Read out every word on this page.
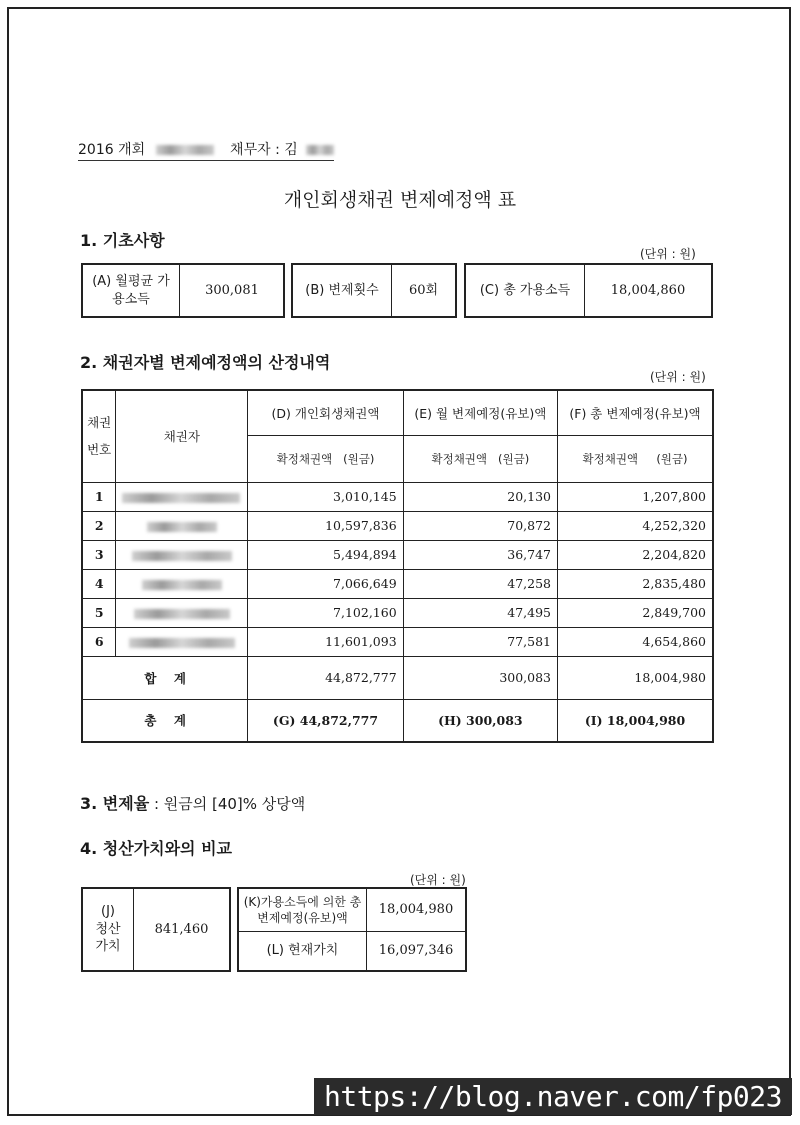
2016 개회	채무자 : 김
개인회생채권 변제예정액 표
1. 기초사항
(단위 : 원)
(A) 월평균 가용소득
300,081	(B) 변제횟수	60회	(C) 총 가용소득	18,004,860
2. 채권자별 변제예정액의 산정내역
(단위 : 원)
채권
번호	채권자	(D) 개인회생채권액	(E) 월 변제예정(유보)액	(F) 총 변제예정(유보)액
		확정채권액   (원금)	확정채권액   (원금)	확정채권액     (원금)
1		3,010,145	20,130	1,207,800
2		10,597,836	70,872	4,252,320
3		5,494,894	36,747	2,204,820
4		7,066,649	47,258	2,835,480
5		7,102,160	47,495	2,849,700
6		11,601,093	77,581	4,654,860
합    계		44,872,777	300,083	18,004,980
총    계		(G) 44,872,777	(H) 300,083	(I) 18,004,980
3. 변제율 : 원금의 [40]% 상당액
4. 청산가치와의 비교
(단위 : 원)
(J) 청산 가치
841,460
(K)가용소득에 의한 총변제예정(유보)액
18,004,980
(L) 현재가치	16,097,346
https://blog.naver.com/fp023
